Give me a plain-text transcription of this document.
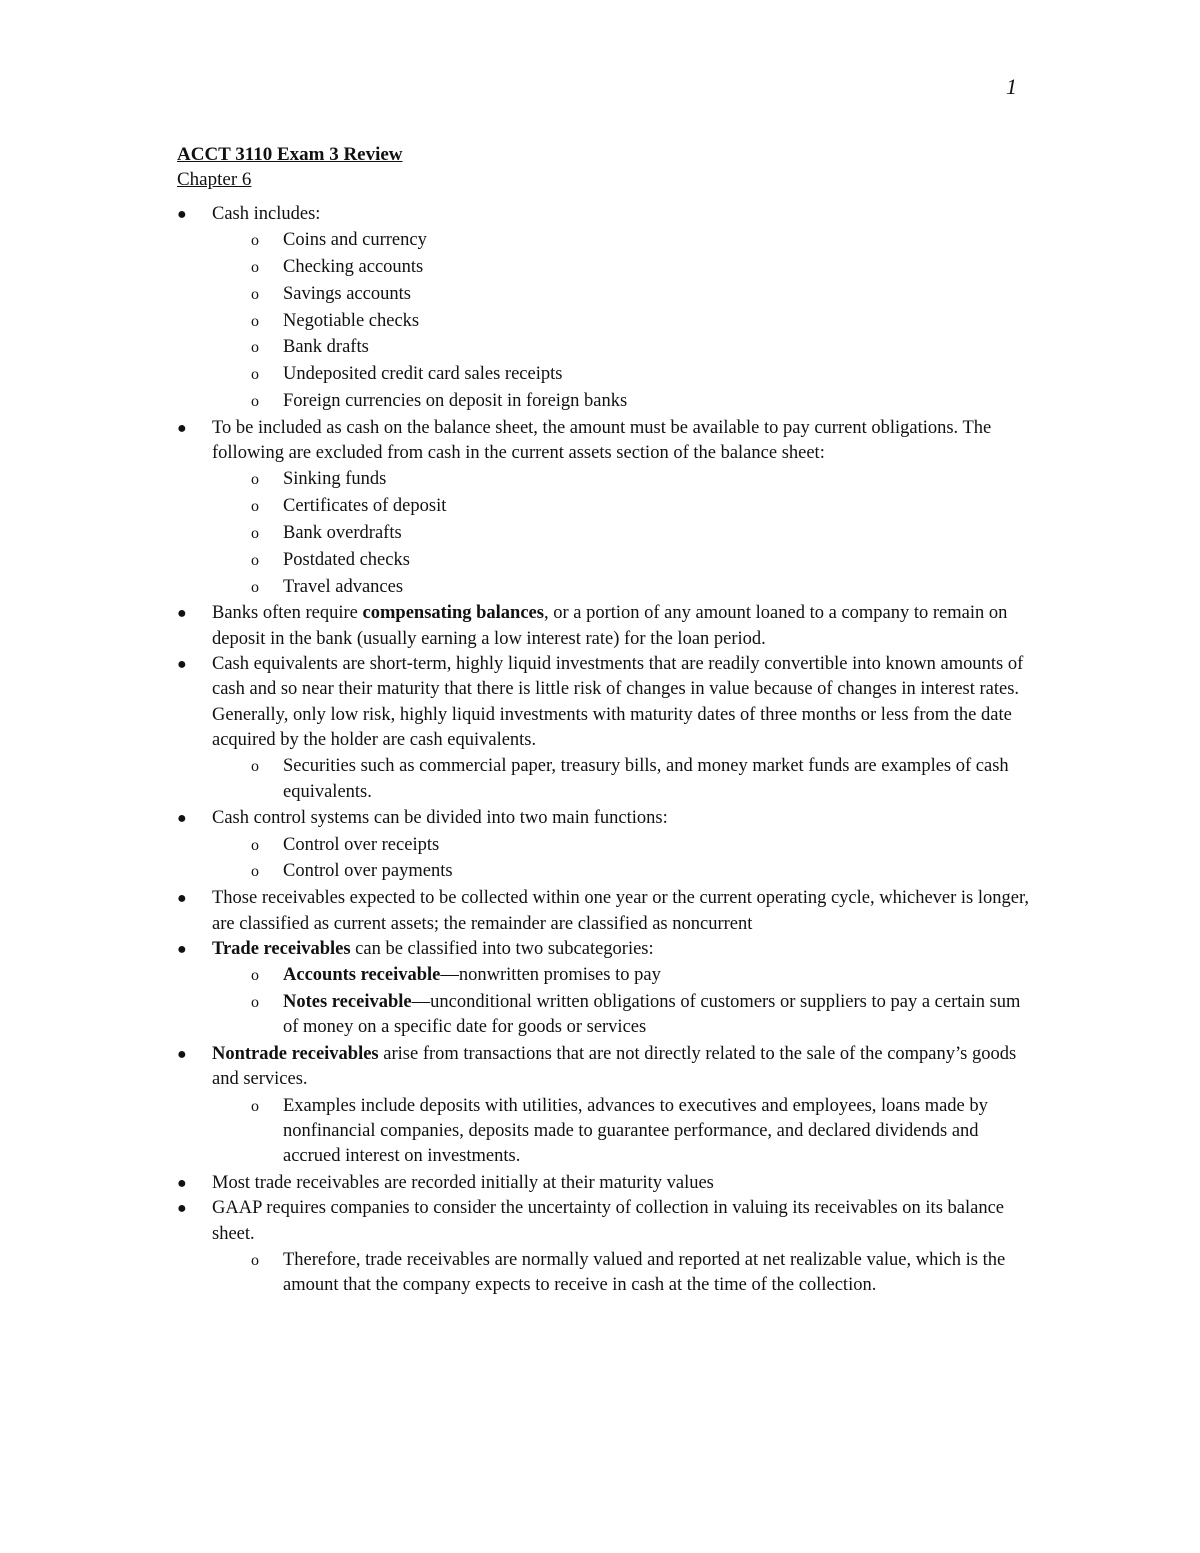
1
ACCT 3110 Exam 3 Review
Chapter 6
●	Cash includes:
o Coins and currency
o Checking accounts
o Savings accounts
o Negotiable checks
o Bank drafts
o Undeposited credit card sales receipts
o Foreign currencies on deposit in foreign banks
●	To be included as cash on the balance sheet, the amount must be available to pay current obligations. The following are excluded from cash in the current assets section of the balance sheet:
o Sinking funds
o Certificates of deposit
o Bank overdrafts
o Postdated checks
o Travel advances
●	Banks often require compensating balances, or a portion of any amount loaned to a company to remain on deposit in the bank (usually earning a low interest rate) for the loan period.
●	Cash equivalents are short-term, highly liquid investments that are readily convertible into known amounts of cash and so near their maturity that there is little risk of changes in value because of changes in interest rates. Generally, only low risk, highly liquid investments with maturity dates of three months or less from the date acquired by the holder are cash equivalents.
o Securities such as commercial paper, treasury bills, and money market funds are examples of cash equivalents.
●	Cash control systems can be divided into two main functions:
o Control over receipts
o Control over payments
●	Those receivables expected to be collected within one year or the current operating cycle, whichever is longer, are classified as current assets; the remainder are classified as noncurrent
●	Trade receivables can be classified into two subcategories:
o Accounts receivable—nonwritten promises to pay
o Notes receivable—unconditional written obligations of customers or suppliers to pay a certain sum of money on a specific date for goods or services
●	Nontrade receivables arise from transactions that are not directly related to the sale of the company’s goods and services.
o Examples include deposits with utilities, advances to executives and employees, loans made by nonfinancial companies, deposits made to guarantee performance, and declared dividends and accrued interest on investments.
●	Most trade receivables are recorded initially at their maturity values
●	GAAP requires companies to consider the uncertainty of collection in valuing its receivables on its balance sheet.
o Therefore, trade receivables are normally valued and reported at net realizable value, which is the amount that the company expects to receive in cash at the time of the collection.
